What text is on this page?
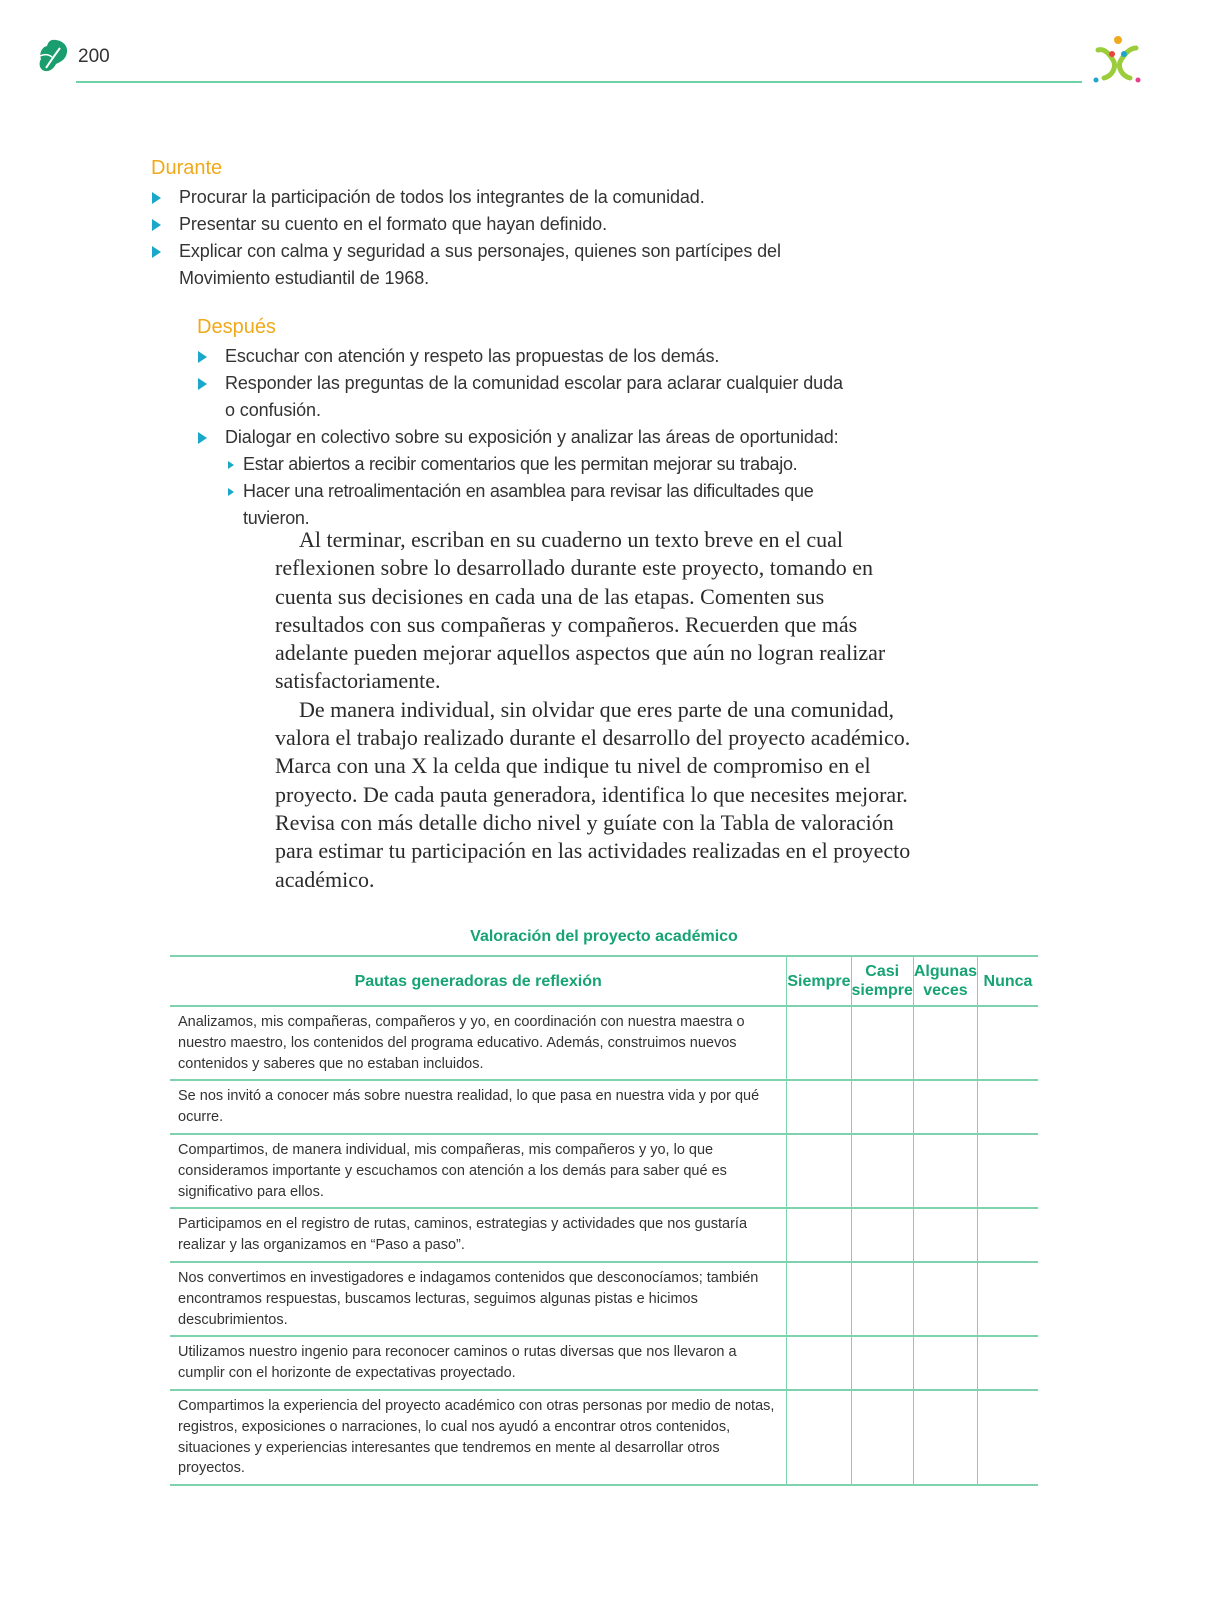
200
Durante
Procurar la participación de todos los integrantes de la comunidad.
Presentar su cuento en el formato que hayan definido.
Explicar con calma y seguridad a sus personajes, quienes son partícipes del Movimiento estudiantil de 1968.
Después
Escuchar con atención y respeto las propuestas de los demás.
Responder las preguntas de la comunidad escolar para aclarar cualquier duda o confusión.
Dialogar en colectivo sobre su exposición y analizar las áreas de oportunidad:
Estar abiertos a recibir comentarios que les permitan mejorar su trabajo.
Hacer una retroalimentación en asamblea para revisar las dificultades que tuvieron.

Al terminar, escriban en su cuaderno un texto breve en el cual reflexionen sobre lo desarrollado durante este proyecto, tomando en cuenta sus decisiones en cada una de las etapas. Comenten sus resultados con sus compañeras y compañeros. Recuerden que más adelante pueden mejorar aquellos aspectos que aún no logran realizar satisfactoriamente.

De manera individual, sin olvidar que eres parte de una comunidad, valora el trabajo realizado durante el desarrollo del proyecto académico. Marca con una X la celda que indique tu nivel de compromiso en el proyecto. De cada pauta generadora, identifica lo que necesites mejorar. Revisa con más detalle dicho nivel y guíate con la Tabla de valoración para estimar tu participación en las actividades realizadas en el proyecto académico.

Valoración del proyecto académico
Pautas generadoras de reflexión	Siempre	Casi siempre	Algunas veces	Nunca
Analizamos, mis compañeras, compañeros y yo, en coordinación con nuestra maestra o nuestro maestro, los contenidos del programa educativo. Además, construimos nuevos contenidos y saberes que no estaban incluidos.				
Se nos invitó a conocer más sobre nuestra realidad, lo que pasa en nuestra vida y por qué ocurre.				
Compartimos, de manera individual, mis compañeras, mis compañeros y yo, lo que consideramos importante y escuchamos con atención a los demás para saber qué es significativo para ellos.				
Participamos en el registro de rutas, caminos, estrategias y actividades que nos gustaría realizar y las organizamos en “Paso a paso”.				
Nos convertimos en investigadores e indagamos contenidos que desconocíamos; también encontramos respuestas, buscamos lecturas, seguimos algunas pistas e hicimos descubrimientos.				
Utilizamos nuestro ingenio para reconocer caminos o rutas diversas que nos llevaron a cumplir con el horizonte de expectativas proyectado.				
Compartimos la experiencia del proyecto académico con otras personas por medio de notas, registros, exposiciones o narraciones, lo cual nos ayudó a encontrar otros contenidos, situaciones y experiencias interesantes que tendremos en mente al desarrollar otros proyectos.				
